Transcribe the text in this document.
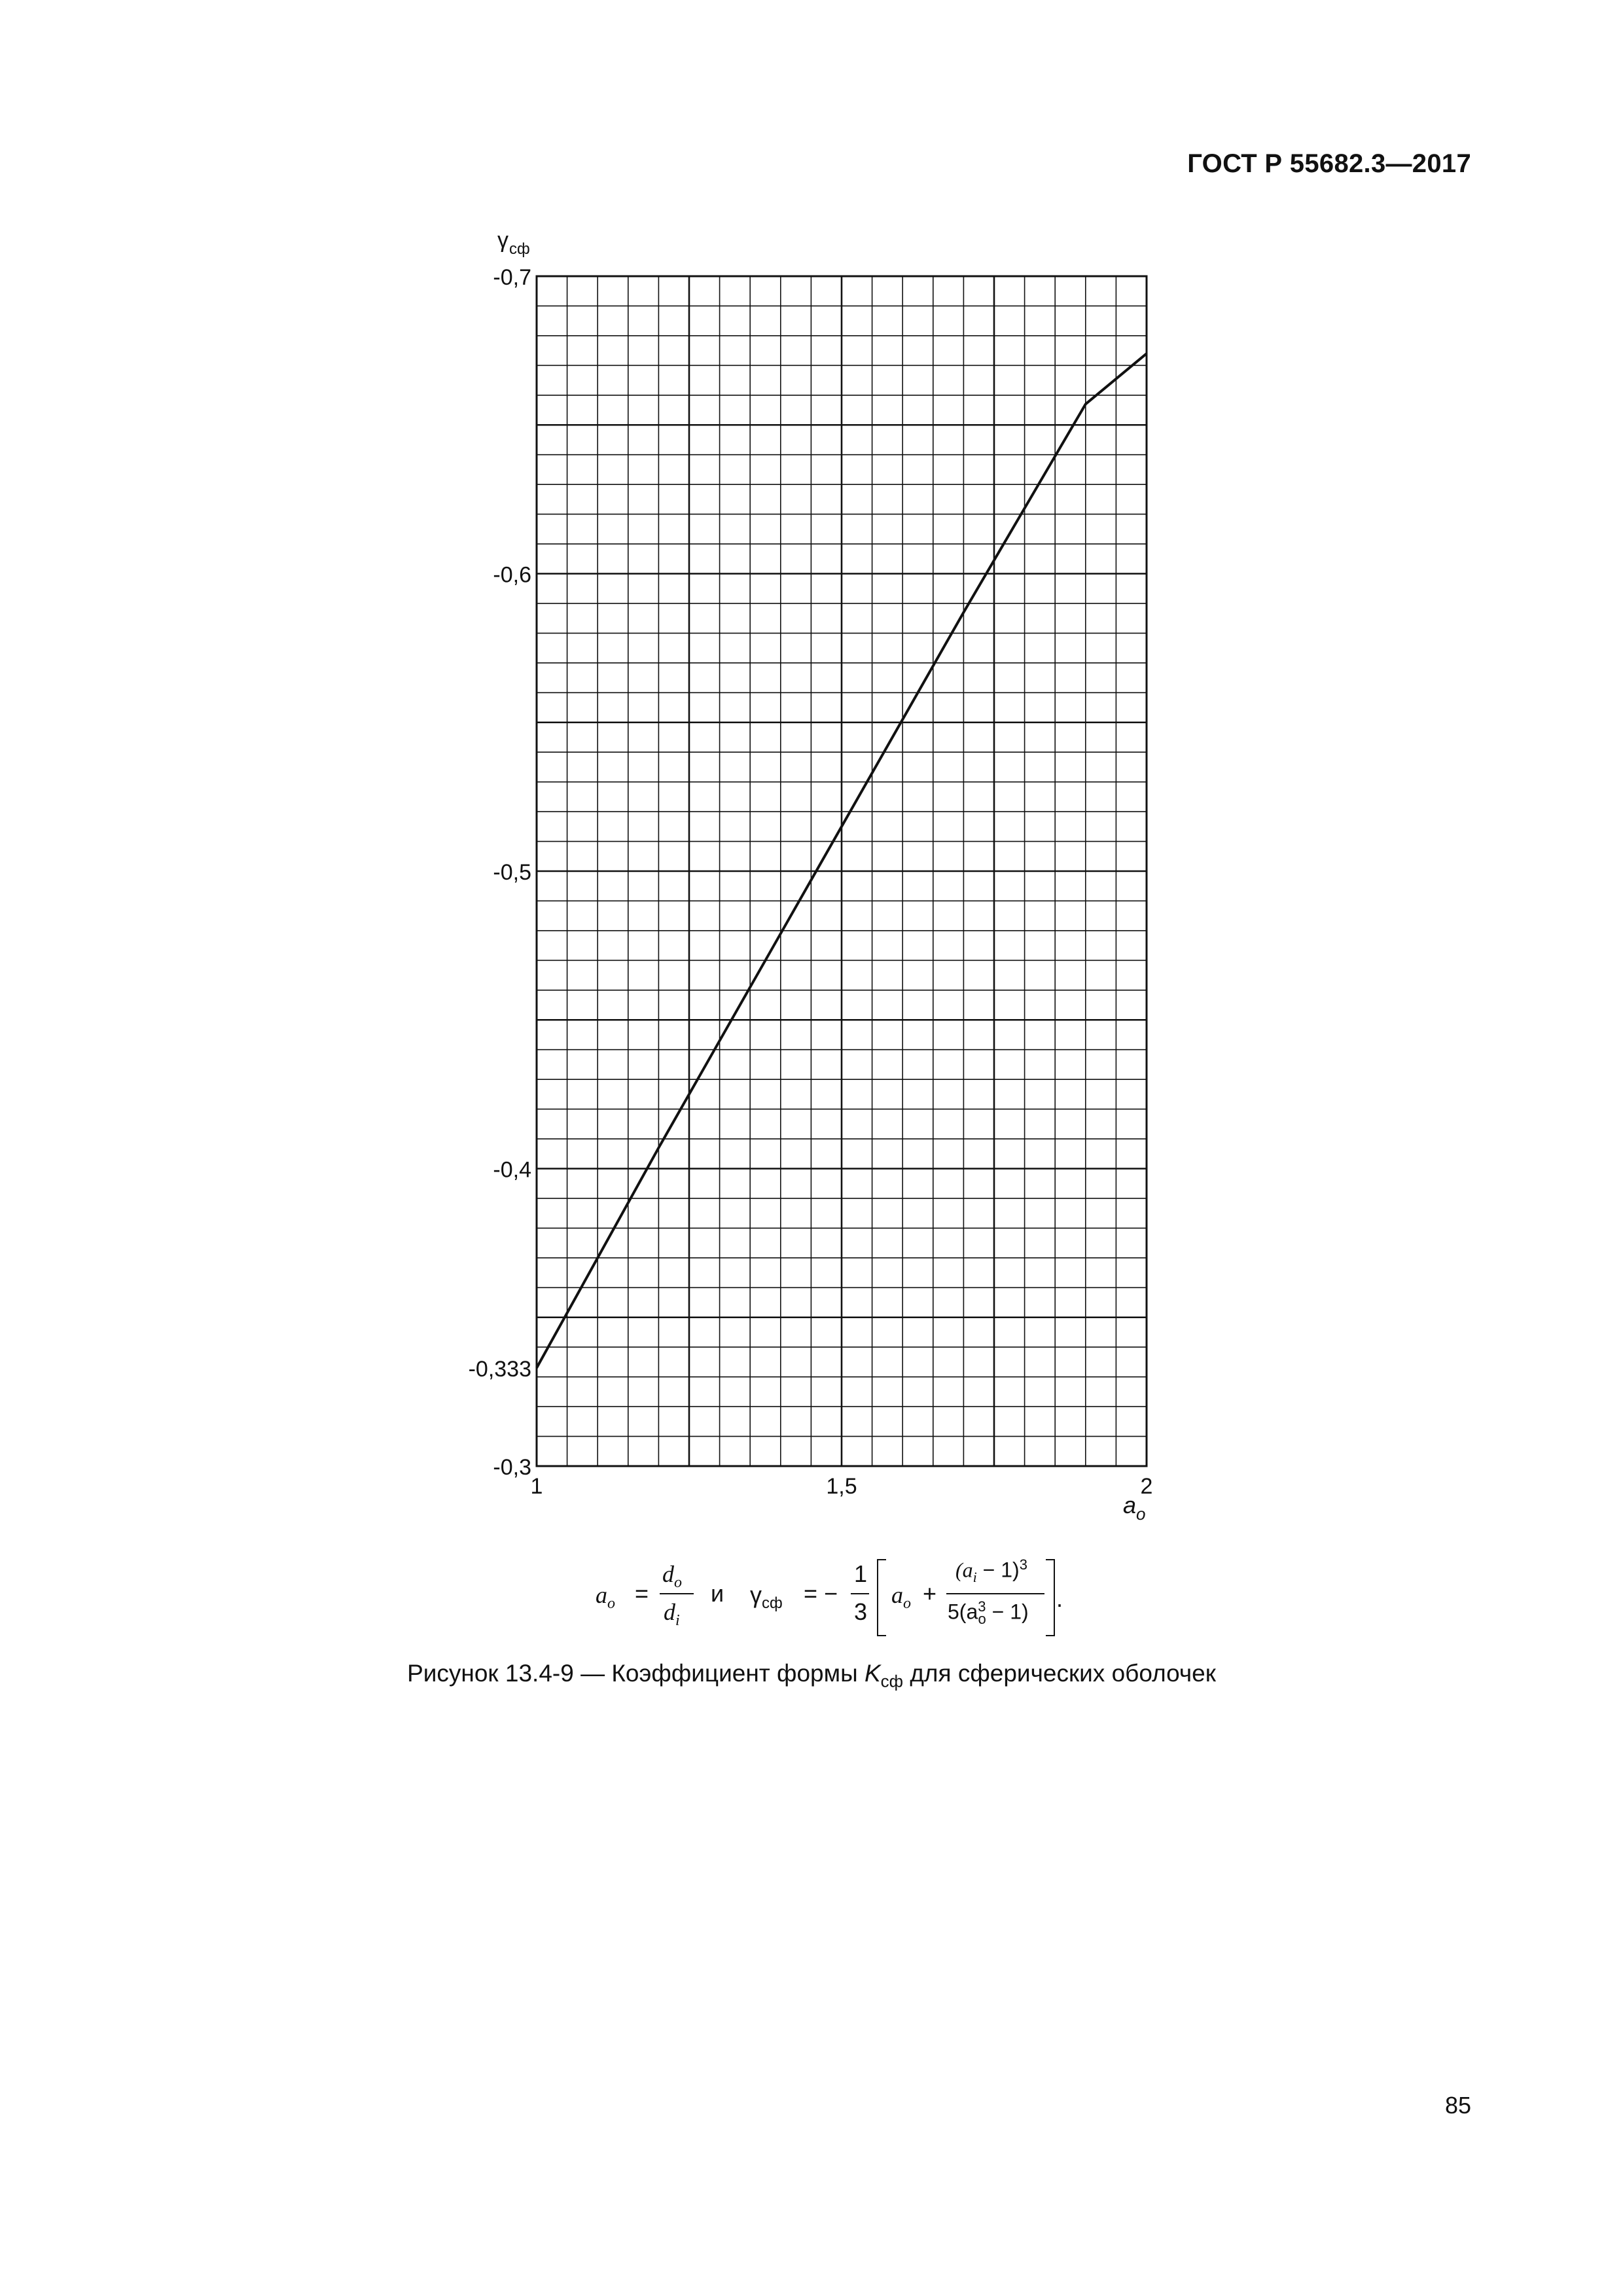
ГОСТ Р 55682.3—2017
-0,3
-0,333
-0,4
-0,5
-0,6
-0,7
1	1,5	2
γ сф
a o
$a_o$ =
$d_o$
$d_i$
и $\gamma_{сф}$ = −
1
3
$a_o$ +
$(a_i - 1)^3$
$5(a^3_o - 1)$ .
Рисунок 13.4-9 — Коэффициент формы $K_{сф}$ для сферических оболочек
85
